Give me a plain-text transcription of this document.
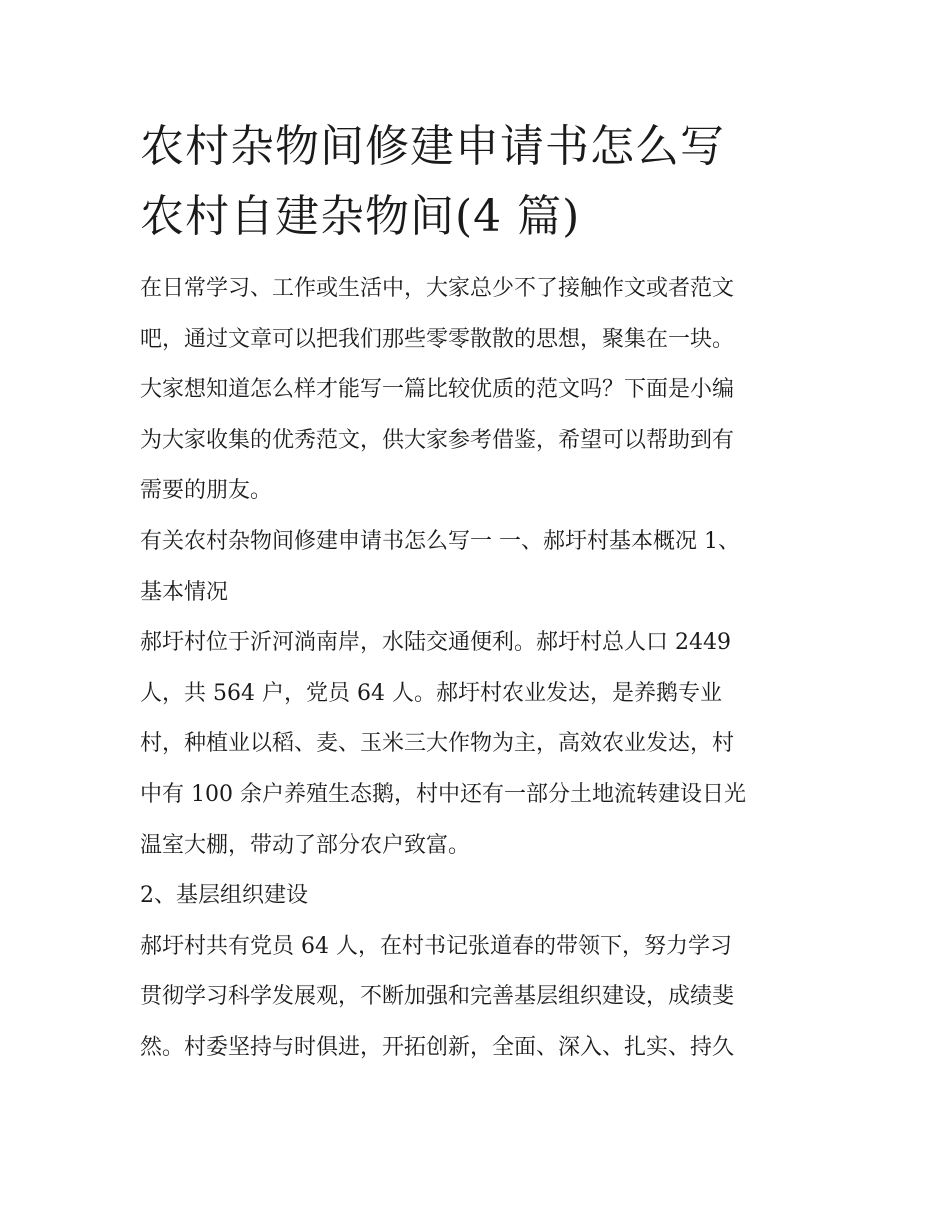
农村杂物间修建申请书怎么写
农村自建杂物间(4 篇)

在日常学习、工作或生活中，大家总少不了接触作文或者范文
吧，通过文章可以把我们那些零零散散的思想，聚集在一块。
大家想知道怎么样才能写一篇比较优质的范文吗？下面是小编
为大家收集的优秀范文，供大家参考借鉴，希望可以帮助到有
需要的朋友。

有关农村杂物间修建申请书怎么写一 一、郝圩村基本概况 1、
基本情况

郝圩村位于沂河淌南岸，水陆交通便利。郝圩村总人口 2449
人，共 564 户，党员 64 人。郝圩村农业发达，是养鹅专业
村，种植业以稻、麦、玉米三大作物为主，高效农业发达，村
中有 100 余户养殖生态鹅，村中还有一部分土地流转建设日光
温室大棚，带动了部分农户致富。

2、基层组织建设

郝圩村共有党员 64 人，在村书记张道春的带领下，努力学习
贯彻学习科学发展观，不断加强和完善基层组织建设，成绩斐
然。村委坚持与时俱进，开拓创新，全面、深入、扎实、持久
